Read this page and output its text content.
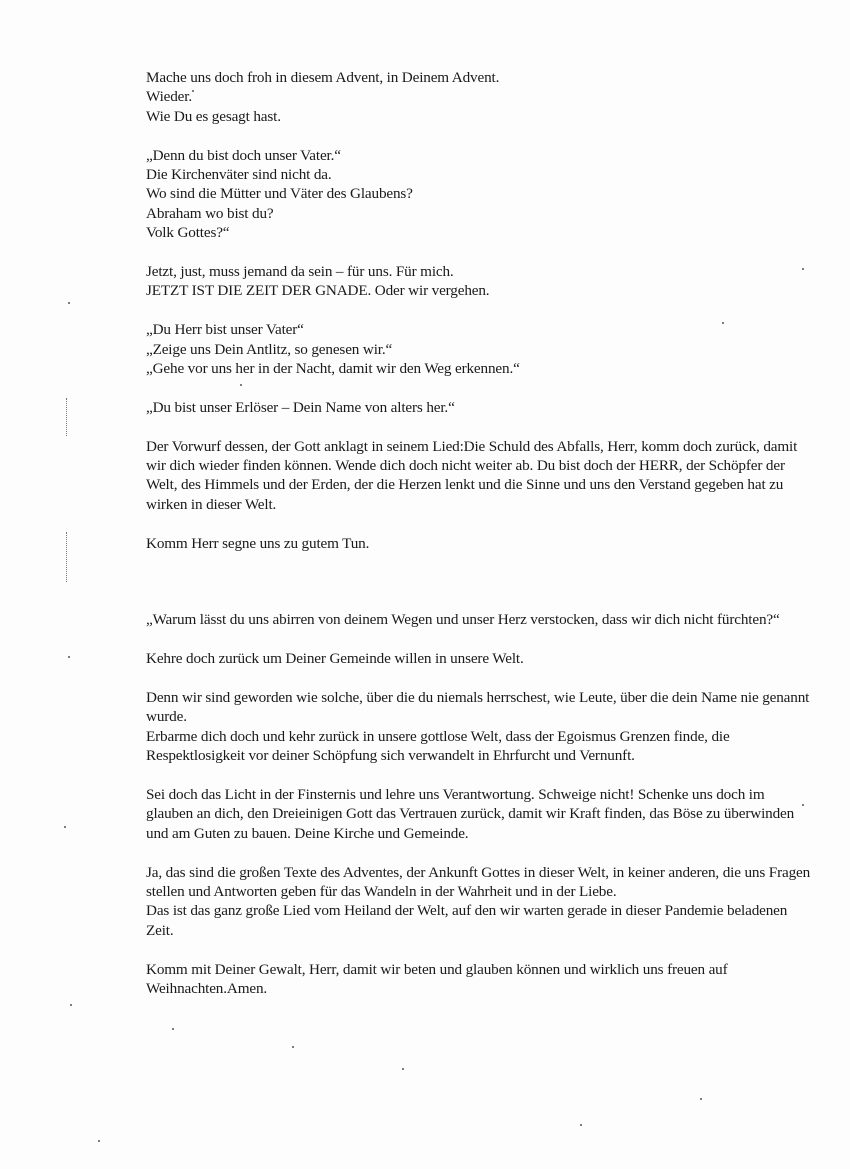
Mache uns doch froh in diesem Advent, in Deinem Advent.
Wieder.
Wie Du es gesagt hast.

„Denn du bist doch unser Vater.“
Die Kirchenväter sind nicht da.
Wo sind die Mütter und Väter des Glaubens?
Abraham wo bist du?
Volk Gottes?“

Jetzt, just, muss jemand da sein – für uns. Für mich.
JETZT IST DIE ZEIT DER GNADE. Oder wir vergehen.

„Du Herr bist unser Vater“
„Zeige uns Dein Antlitz, so genesen wir.“
„Gehe vor uns her in der Nacht, damit wir den Weg erkennen.“

„Du bist unser Erlöser – Dein Name von alters her.“

Der Vorwurf dessen, der Gott anklagt in seinem Lied:Die Schuld des Abfalls, Herr, komm doch zurück, damit wir dich wieder finden können. Wende dich doch nicht weiter ab. Du bist doch der HERR, der Schöpfer der Welt, des Himmels und der Erden, der die Herzen lenkt und die Sinne und uns den Verstand gegeben hat zu wirken in dieser Welt.

Komm Herr segne uns zu gutem Tun.

„Warum lässt du uns abirren von deinem Wegen und unser Herz verstocken, dass wir dich nicht fürchten?“

Kehre doch zurück um Deiner Gemeinde willen in unsere Welt.

Denn wir sind geworden wie solche, über die du niemals herrschest, wie Leute, über die dein Name nie genannt wurde.
Erbarme dich doch und kehr zurück in unsere gottlose Welt, dass der Egoismus Grenzen finde, die Respektlosigkeit vor deiner Schöpfung sich verwandelt in Ehrfurcht und Vernunft.

Sei doch das Licht in der Finsternis und lehre uns Verantwortung. Schweige nicht! Schenke uns doch im glauben an dich, den Dreieinigen Gott das Vertrauen zurück, damit wir Kraft finden, das Böse zu überwinden und am Guten zu bauen. Deine Kirche und Gemeinde.

Ja, das sind die großen Texte des Adventes, der Ankunft Gottes in dieser Welt, in keiner anderen, die uns Fragen stellen und Antworten geben für das Wandeln in der Wahrheit und in der Liebe.
Das ist das ganz große Lied vom Heiland der Welt, auf den wir warten gerade in dieser Pandemie beladenen Zeit.

Komm mit Deiner Gewalt, Herr, damit wir beten und glauben können und wirklich uns freuen auf Weihnachten.Amen.
